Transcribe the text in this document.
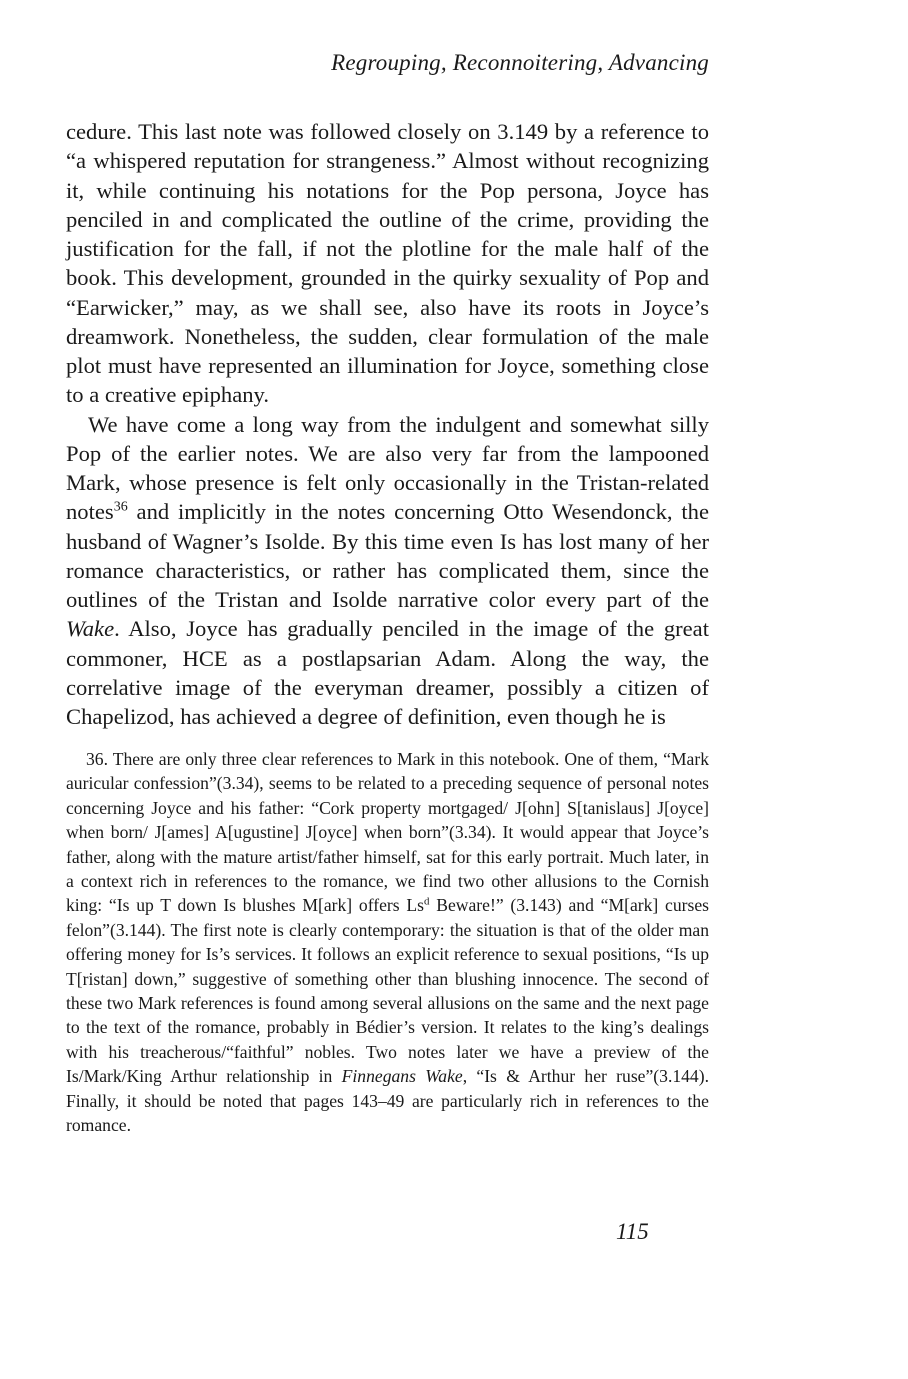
Regrouping, Reconnoitering, Advancing

cedure. This last note was followed closely on 3.149 by a reference to “a whispered reputation for strangeness.” Almost without recognizing it, while continuing his notations for the Pop persona, Joyce has penciled in and complicated the outline of the crime, providing the justification for the fall, if not the plotline for the male half of the book. This development, grounded in the quirky sexuality of Pop and “Earwicker,” may, as we shall see, also have its roots in Joyce’s dreamwork. Nonetheless, the sudden, clear formulation of the male plot must have represented an illumination for Joyce, something close to a creative epiphany.

We have come a long way from the indulgent and somewhat silly Pop of the earlier notes. We are also very far from the lampooned Mark, whose presence is felt only occasionally in the Tristan-related notes$^{36}$ and implicitly in the notes concerning Otto Wesendonck, the husband of Wagner’s Isolde. By this time even Is has lost many of her romance characteristics, or rather has complicated them, since the outlines of the Tristan and Isolde narrative color every part of the Wake. Also, Joyce has gradually penciled in the image of the great commoner, HCE as a postlapsarian Adam. Along the way, the correlative image of the everyman dreamer, possibly a citizen of Chapelizod, has achieved a degree of definition, even though he is

36. There are only three clear references to Mark in this notebook. One of them, “Mark auricular confession”(3.34), seems to be related to a preceding sequence of personal notes concerning Joyce and his father: “Cork property mortgaged/ J[ohn] S[tanislaus] J[oyce] when born/ J[ames] A[ugustine] J[oyce] when born”(3.34). It would appear that Joyce’s father, along with the mature artist/father himself, sat for this early portrait. Much later, in a context rich in references to the romance, we find two other allusions to the Cornish king: “Is up T down Is blushes M[ark] offers Ls$^d$ Beware!” (3.143) and “M[ark] curses felon”(3.144). The first note is clearly contemporary: the situation is that of the older man offering money for Is’s services. It follows an explicit reference to sexual positions, “Is up T[ristan] down,” suggestive of something other than blushing innocence. The second of these two Mark references is found among several allusions on the same and the next page to the text of the romance, probably in Bédier’s version. It relates to the king’s dealings with his treacherous/“faithful” nobles. Two notes later we have a preview of the Is/Mark/King Arthur relationship in Finnegans Wake, “Is & Arthur her ruse”(3.144). Finally, it should be noted that pages 143–49 are particularly rich in references to the romance.

115
